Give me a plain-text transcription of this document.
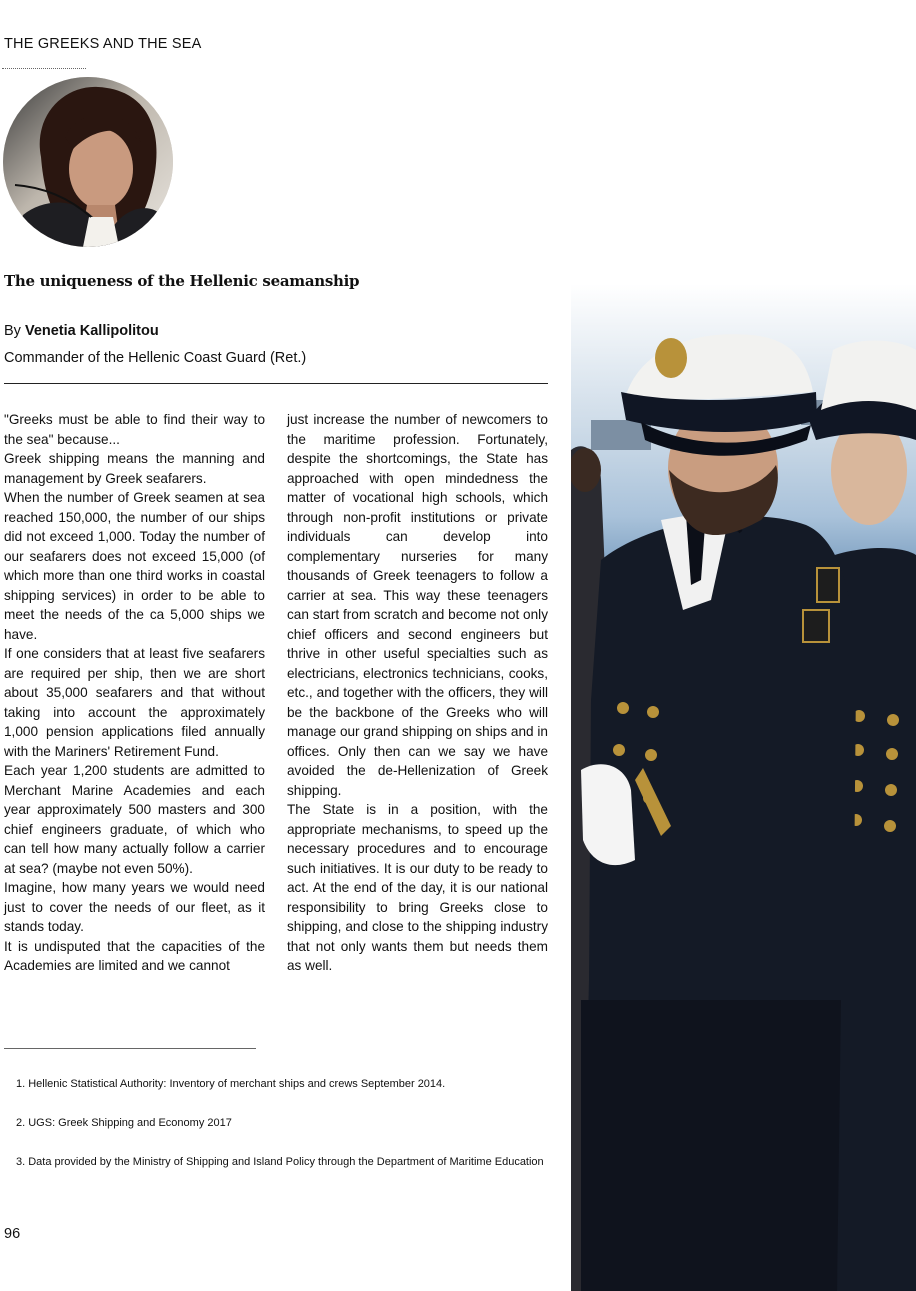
THE GREEKS AND THE SEA
The uniqueness of the Hellenic seamanship
By Venetia Kallipolitou
Commander of the Hellenic Coast Guard (Ret.)

"Greeks must be able to find their way to the sea" because...

Greek shipping means the manning and management by Greek seafarers.

When the number of Greek seamen at sea reached 150,000, the number of our ships did not exceed 1,000. Today the number of our seafarers does not exceed 15,000 (of which more than one third works in coastal shipping services) in order to be able to meet the needs of the ca 5,000 ships we have.

If one considers that at least five seafarers are required per ship, then we are short about 35,000 seafarers and that without taking into account the approximately 1,000 pension applications filed annually with the Mariners' Retirement Fund.

Each year 1,200 students are admitted to Merchant Marine Academies and each year approximately 500 masters and 300 chief engineers graduate, of which who can tell how many actually follow a carrier at sea? (maybe not even 50%).

Imagine, how many years we would need just to cover the needs of our fleet, as it stands today.

It is undisputed that the capacities of the Academies are limited and we cannot

just increase the number of newcomers to the maritime profession. Fortunately, despite the shortcomings, the State has approached with open mindedness the matter of vocational high schools, which through non-profit institutions or private individuals can develop into complementary nurseries for many thousands of Greek teenagers to follow a carrier at sea. This way these teenagers can start from scratch and become not only chief officers and second engineers but thrive in other useful specialties such as electricians, electronics technicians, cooks, etc., and together with the officers, they will be the backbone of the Greeks who will manage our grand shipping on ships and in offices. Only then can we say we have avoided the de-Hellenization of Greek shipping.

The State is in a position, with the appropriate mechanisms, to speed up the necessary procedures and to encourage such initiatives. It is our duty to be ready to act. At the end of the day, it is our national responsibility to bring Greeks close to shipping, and close to the shipping industry that not only wants them but needs them as well.

1. Hellenic Statistical Authority: Inventory of merchant ships and crews September 2014.

2. UGS: Greek Shipping and Economy 2017

3. Data provided by the Ministry of Shipping and Island Policy through the Department of Maritime Education

96
